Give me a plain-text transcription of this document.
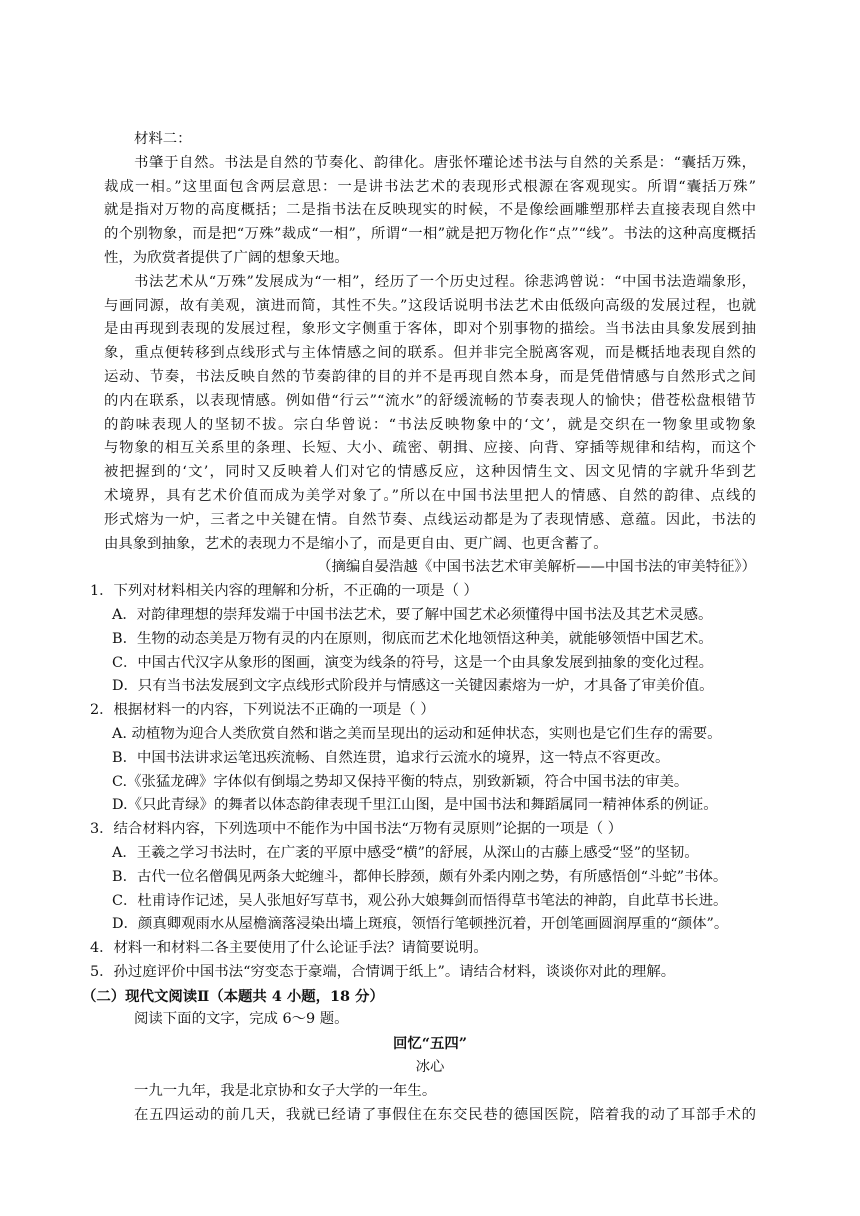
材料二：
书肇于自然。书法是自然的节奏化、韵律化。唐张怀瓘论述书法与自然的关系是：“囊括万殊，
裁成一相。”这里面包含两层意思：一是讲书法艺术的表现形式根源在客观现实。所谓“囊括万殊”
就是指对万物的高度概括；二是指书法在反映现实的时候，不是像绘画雕塑那样去直接表现自然中
的个别物象，而是把“万殊”裁成“一相”，所谓“一相”就是把万物化作“点”“线”。书法的这种高度概括
性，为欣赏者提供了广阔的想象天地。
书法艺术从“万殊”发展成为“一相”，经历了一个历史过程。徐悲鸿曾说：“中国书法造端象形，
与画同源，故有美观，演进而简，其性不失。”这段话说明书法艺术由低级向高级的发展过程，也就
是由再现到表现的发展过程，象形文字侧重于客体，即对个别事物的描绘。当书法由具象发展到抽
象，重点便转移到点线形式与主体情感之间的联系。但并非完全脱离客观，而是概括地表现自然的
运动、节奏，书法反映自然的节奏韵律的目的并不是再现自然本身，而是凭借情感与自然形式之间
的内在联系，以表现情感。例如借“行云”“流水”的舒缓流畅的节奏表现人的愉快；借苍松盘根错节
的韵味表现人的坚韧不拔。宗白华曾说：“书法反映物象中的‘文’，就是交织在一物象里或物象
与物象的相互关系里的条理、长短、大小、疏密、朝揖、应接、向背、穿插等规律和结构，而这个
被把握到的‘文’，同时又反映着人们对它的情感反应，这种因情生文、因文见情的字就升华到艺
术境界，具有艺术价值而成为美学对象了。”所以在中国书法里把人的情感、自然的韵律、点线的
形式熔为一炉，三者之中关键在情。自然节奏、点线运动都是为了表现情感、意蕴。因此，书法的
由具象到抽象，艺术的表现力不是缩小了，而是更自由、更广阔、也更含蓄了。
（摘编自晏浩越《中国书法艺术审美解析——中国书法的审美特征》）
1．下列对材料相关内容的理解和分析，不正确的一项是（ ）
A．对韵律理想的崇拜发端于中国书法艺术，要了解中国艺术必须懂得中国书法及其艺术灵感。
B．生物的动态美是万物有灵的内在原则，彻底而艺术化地领悟这种美，就能够领悟中国艺术。
C．中国古代汉字从象形的图画，演变为线条的符号，这是一个由具象发展到抽象的变化过程。
D．只有当书法发展到文字点线形式阶段并与情感这一关键因素熔为一炉，才具备了审美价值。
2．根据材料一的内容，下列说法不正确的一项是（ ）
A. 动植物为迎合人类欣赏自然和谐之美而呈现出的运动和延伸状态，实则也是它们生存的需要。
B．中国书法讲求运笔迅疾流畅、自然连贯，追求行云流水的境界，这一特点不容更改。
C.《张猛龙碑》字体似有倒塌之势却又保持平衡的特点，别致新颖，符合中国书法的审美。
D.《只此青绿》的舞者以体态韵律表现千里江山图，是中国书法和舞蹈属同一精神体系的例证。
3．结合材料内容，下列选项中不能作为中国书法“万物有灵原则”论据的一项是（ ）
A．王羲之学习书法时，在广袤的平原中感受“横”的舒展，从深山的古藤上感受“竖”的坚韧。
B．古代一位名僧偶见两条大蛇缠斗，都伸长脖颈，颇有外柔内刚之势，有所感悟创“斗蛇”书体。
C．杜甫诗作记述，吴人张旭好写草书，观公孙大娘舞剑而悟得草书笔法的神韵，自此草书长进。
D．颜真卿观雨水从屋檐滴落浸染出墙上斑痕，领悟行笔顿挫沉着，开创笔画圆润厚重的“颜体”。
4．材料一和材料二各主要使用了什么论证手法？请简要说明。
5．孙过庭评价中国书法“穷变态于豪端，合情调于纸上”。请结合材料，谈谈你对此的理解。
（二）现代文阅读Ⅱ（本题共 4 小题，18 分）
阅读下面的文字，完成 6～9 题。
回忆“五四”
冰心
一九一九年，我是北京协和女子大学的一年生。
在五四运动的前几天，我就已经请了事假住在东交民巷的德国医院，陪着我的动了耳部手术的
